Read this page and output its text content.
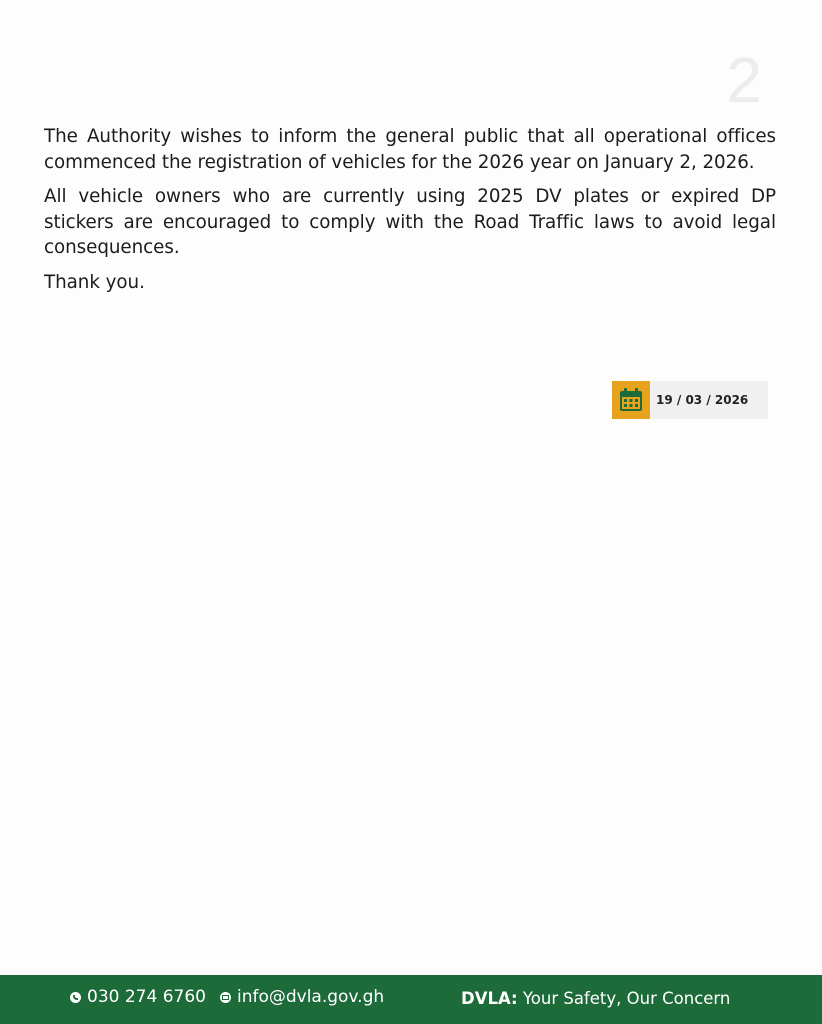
2

The Authority wishes to inform the general public that all operational offices commenced the registration of vehicles for the 2026 year on January 2, 2026.

All vehicle owners who are currently using 2025 DV plates or expired DP stickers are encouraged to comply with the Road Traffic laws to avoid legal consequences.

Thank you.

19 / 03 / 2026
030 274 6760 info@dvla.gov.gh	DVLA: Your Safety, Our Concern
